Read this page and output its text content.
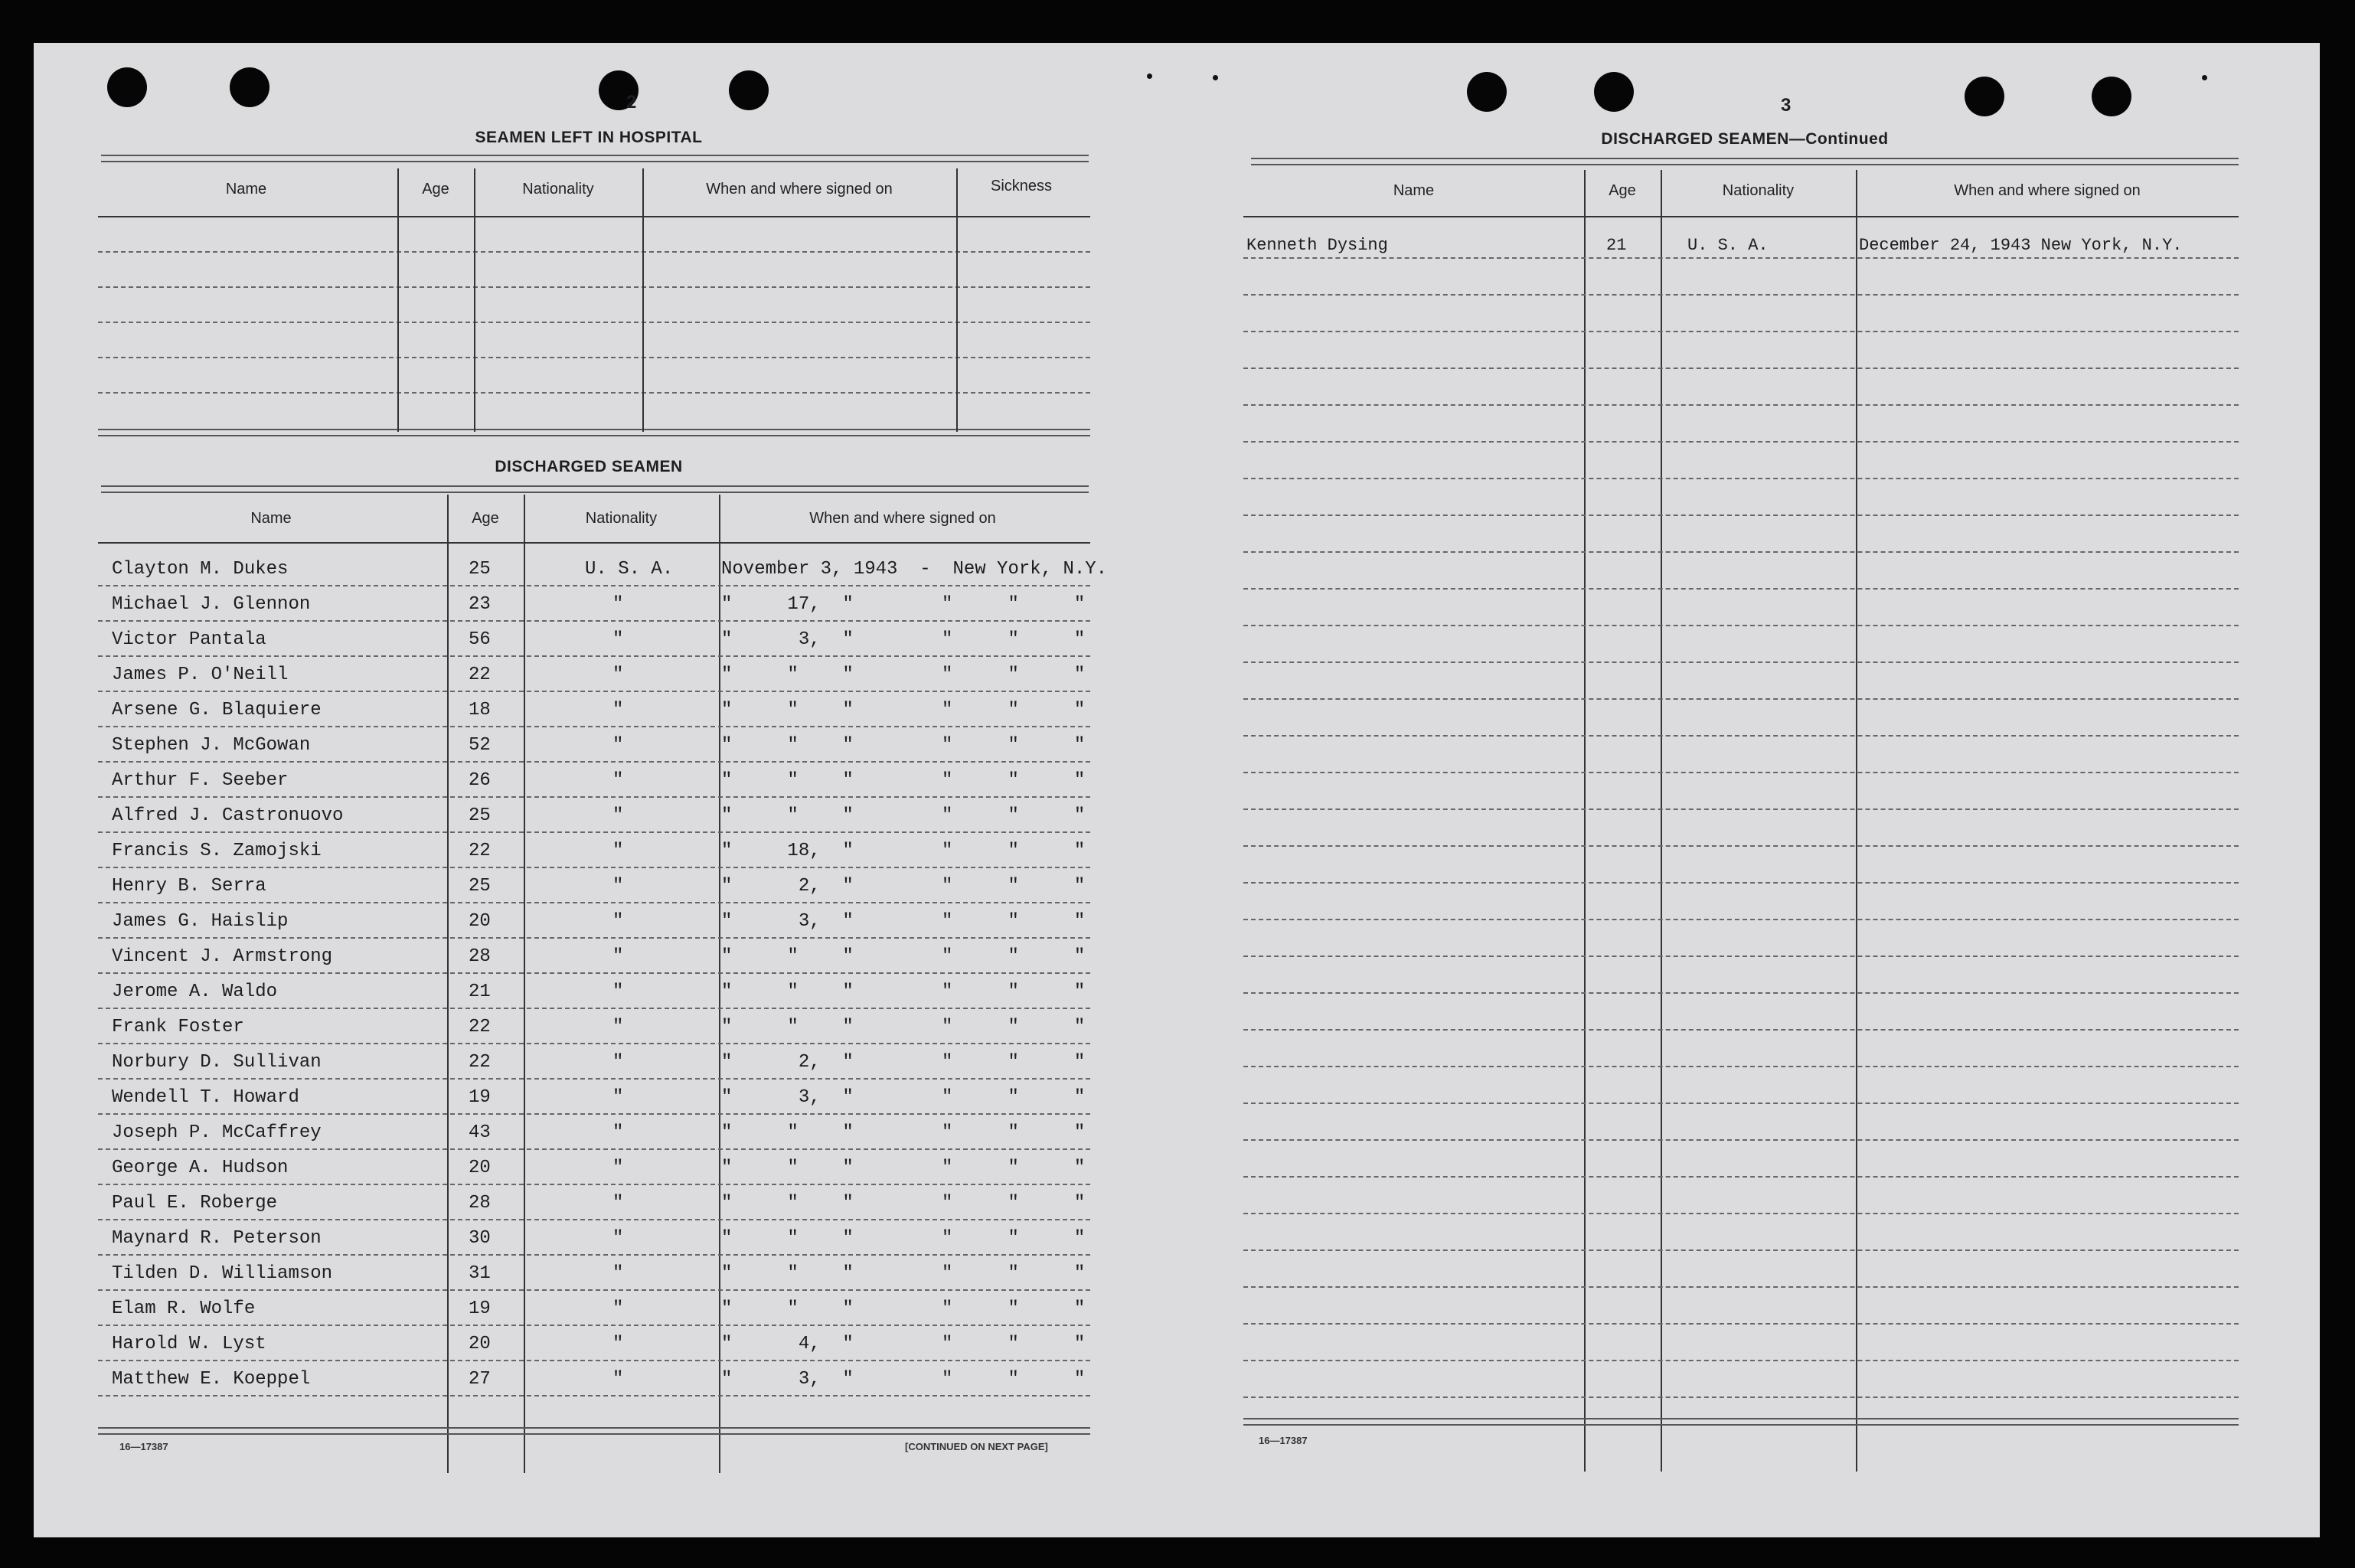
2
SEAMEN LEFT IN HOSPITAL
Name	Age	Nationality	When and where signed on	Sickness
DISCHARGED SEAMEN
Name	Age	Nationality	When and where signed on
Clayton M. Dukes	25	U. S. A.	November 3, 1943  -  New York, N.Y.
Michael J. Glennon	23	"	"     17,  "        "     "     "
Victor Pantala	56	"	"      3,  "        "     "     "
James P. O'Neill	22	"	"     "    "        "     "     "
Arsene G. Blaquiere	18	"	"     "    "        "     "     "
Stephen J. McGowan	52	"	"     "    "        "     "     "
Arthur F. Seeber	26	"	"     "    "        "     "     "
Alfred J. Castronuovo	25	"	"     "    "        "     "     "
Francis S. Zamojski	22	"	"     18,  "        "     "     "
Henry B. Serra	25	"	"      2,  "        "     "     "
James G. Haislip	20	"	"      3,  "        "     "     "
Vincent J. Armstrong	28	"	"     "    "        "     "     "
Jerome A. Waldo	21	"	"     "    "        "     "     "
Frank Foster	22	"	"     "    "        "     "     "
Norbury D. Sullivan	22	"	"      2,  "        "     "     "
Wendell T. Howard	19	"	"      3,  "        "     "     "
Joseph P. McCaffrey	43	"	"     "    "        "     "     "
George A. Hudson	20	"	"     "    "        "     "     "
Paul E. Roberge	28	"	"     "    "        "     "     "
Maynard R. Peterson	30	"	"     "    "        "     "     "
Tilden D. Williamson	31	"	"     "    "        "     "     "
Elam R. Wolfe	19	"	"     "    "        "     "     "
Harold W. Lyst	20	"	"      4,  "        "     "     "
Matthew E. Koeppel	27	"	"      3,  "        "     "     "
16—17387	[CONTINUED ON NEXT PAGE]
3
DISCHARGED SEAMEN—Continued
Name	Age	Nationality	When and where signed on
Kenneth Dysing	21	U. S. A.	December 24, 1943 New York, N.Y.
16—17387
